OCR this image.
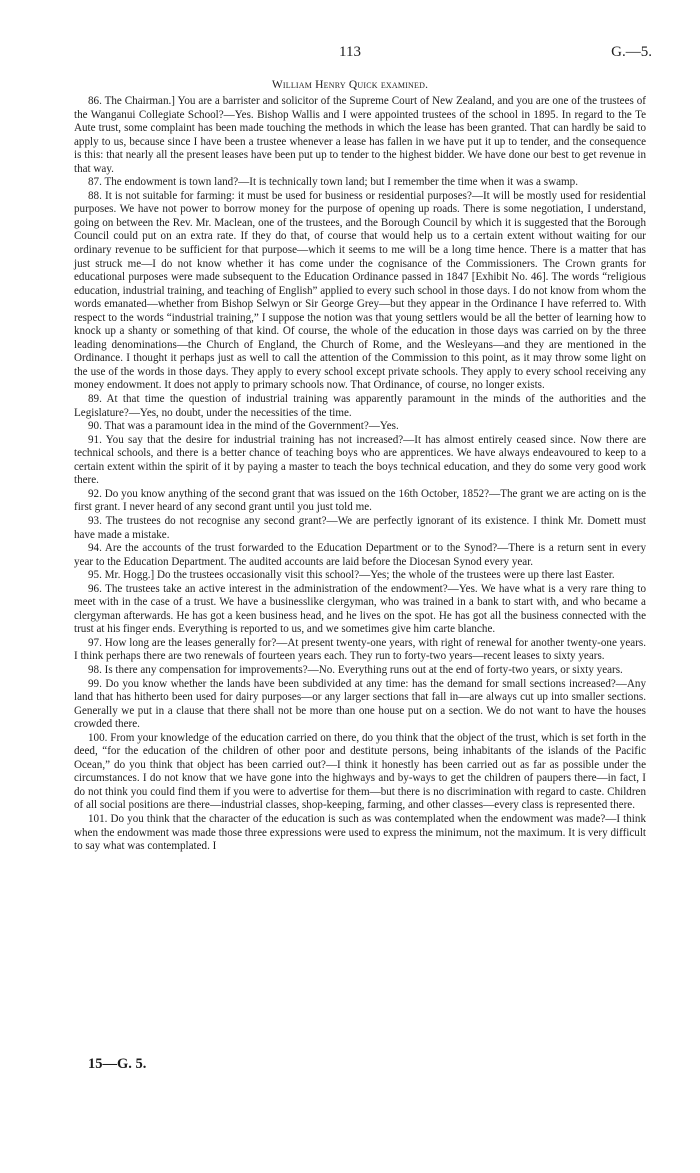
113	G.—5.
William Henry Quick examined.

86. The Chairman.] You are a barrister and solicitor of the Supreme Court of New Zealand, and you are one of the trustees of the Wanganui Collegiate School?—Yes. Bishop Wallis and I were appointed trustees of the school in 1895. In regard to the Te Aute trust, some complaint has been made touching the methods in which the lease has been granted. That can hardly be said to apply to us, because since I have been a trustee whenever a lease has fallen in we have put it up to tender, and the consequence is this: that nearly all the present leases have been put up to tender to the highest bidder. We have done our best to get revenue in that way.

87. The endowment is town land?—It is technically town land; but I remember the time when it was a swamp.

88. It is not suitable for farming: it must be used for business or residential purposes?—It will be mostly used for residential purposes. We have not power to borrow money for the purpose of opening up roads. There is some negotiation, I understand, going on between the Rev. Mr. Maclean, one of the trustees, and the Borough Council by which it is suggested that the Borough Council could put on an extra rate. If they do that, of course that would help us to a certain extent without waiting for our ordinary revenue to be sufficient for that purpose—which it seems to me will be a long time hence. There is a matter that has just struck me—I do not know whether it has come under the cognisance of the Commissioners. The Crown grants for educational purposes were made subsequent to the Education Ordinance passed in 1847 [Exhibit No. 46]. The words “religious education, industrial training, and teaching of English” applied to every such school in those days. I do not know from whom the words emanated—whether from Bishop Selwyn or Sir George Grey—but they appear in the Ordinance I have referred to. With respect to the words “industrial training,” I suppose the notion was that young settlers would be all the better of learning how to knock up a shanty or something of that kind. Of course, the whole of the education in those days was carried on by the three leading denominations—the Church of England, the Church of Rome, and the Wesleyans—and they are mentioned in the Ordinance. I thought it perhaps just as well to call the attention of the Commission to this point, as it may throw some light on the use of the words in those days. They apply to every school except private schools. They apply to every school receiving any money endowment. It does not apply to primary schools now. That Ordinance, of course, no longer exists.

89. At that time the question of industrial training was apparently paramount in the minds of the authorities and the Legislature?—Yes, no doubt, under the necessities of the time.

90. That was a paramount idea in the mind of the Government?—Yes.

91. You say that the desire for industrial training has not increased?—It has almost entirely ceased since. Now there are technical schools, and there is a better chance of teaching boys who are apprentices. We have always endeavoured to keep to a certain extent within the spirit of it by paying a master to teach the boys technical education, and they do some very good work there.

92. Do you know anything of the second grant that was issued on the 16th October, 1852?—The grant we are acting on is the first grant. I never heard of any second grant until you just told me.

93. The trustees do not recognise any second grant?—We are perfectly ignorant of its existence. I think Mr. Domett must have made a mistake.

94. Are the accounts of the trust forwarded to the Education Department or to the Synod?—There is a return sent in every year to the Education Department. The audited accounts are laid before the Diocesan Synod every year.

95. Mr. Hogg.] Do the trustees occasionally visit this school?—Yes; the whole of the trustees were up there last Easter.

96. The trustees take an active interest in the administration of the endowment?—Yes. We have what is a very rare thing to meet with in the case of a trust. We have a businesslike clergyman, who was trained in a bank to start with, and who became a clergyman afterwards. He has got a keen business head, and he lives on the spot. He has got all the business connected with the trust at his finger ends. Everything is reported to us, and we sometimes give him carte blanche.

97. How long are the leases generally for?—At present twenty-one years, with right of renewal for another twenty-one years. I think perhaps there are two renewals of fourteen years each. They run to forty-two years—recent leases to sixty years.

98. Is there any compensation for improvements?—No. Everything runs out at the end of forty-two years, or sixty years.

99. Do you know whether the lands have been subdivided at any time: has the demand for small sections increased?—Any land that has hitherto been used for dairy purposes—or any larger sections that fall in—are always cut up into smaller sections. Generally we put in a clause that there shall not be more than one house put on a section. We do not want to have the houses crowded there.

100. From your knowledge of the education carried on there, do you think that the object of the trust, which is set forth in the deed, “for the education of the children of other poor and destitute persons, being inhabitants of the islands of the Pacific Ocean,” do you think that object has been carried out?—I think it honestly has been carried out as far as possible under the circumstances. I do not know that we have gone into the highways and by-ways to get the children of paupers there—in fact, I do not think you could find them if you were to advertise for them—but there is no discrimination with regard to caste. Children of all social positions are there—industrial classes, shop-keeping, farming, and other classes—every class is represented there.

101. Do you think that the character of the education is such as was contemplated when the endowment was made?—I think when the endowment was made those three expressions were used to express the minimum, not the maximum. It is very difficult to say what was contemplated. I

15—G. 5.
